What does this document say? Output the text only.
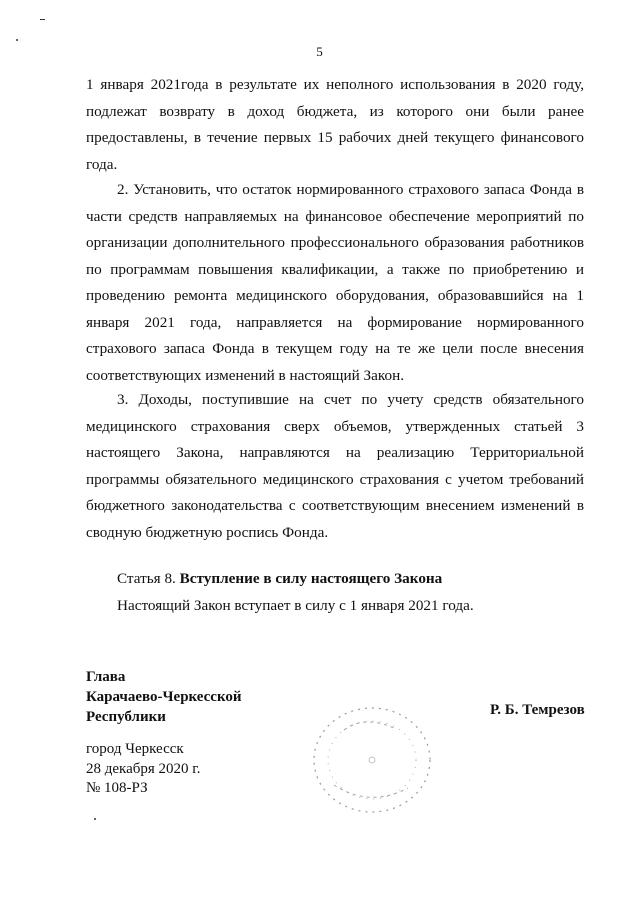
5

1 января 2021года в результате их неполного использования в 2020 году, подлежат возврату в доход бюджета, из которого они были ранее предоставлены, в течение первых 15 рабочих дней текущего финансового года.

2. Установить, что остаток нормированного страхового запаса Фонда в части средств направляемых на финансовое обеспечение мероприятий по организации дополнительного профессионального образования работников по программам повышения квалификации, а также по приобретению и проведению ремонта медицинского оборудования, образовавшийся на 1 января 2021 года, направляется на формирование нормированного страхового запаса Фонда в текущем году на те же цели после внесения соответствующих изменений в настоящий Закон.

3. Доходы, поступившие на счет по учету средств обязательного медицинского страхования сверх объемов, утвержденных статьей 3 настоящего Закона, направляются на реализацию Территориальной программы обязательного медицинского страхования с учетом требований бюджетного законодательства с соответствующим внесением изменений в сводную бюджетную роспись Фонда.

Статья 8. Вступление в силу настоящего Закона
Настоящий Закон вступает в силу с 1 января 2021 года.
Глава
Карачаево-Черкесской
Республики	Р. Б. Темрезов
город Черкесск
28 декабря 2020 г.
№ 108-РЗ
